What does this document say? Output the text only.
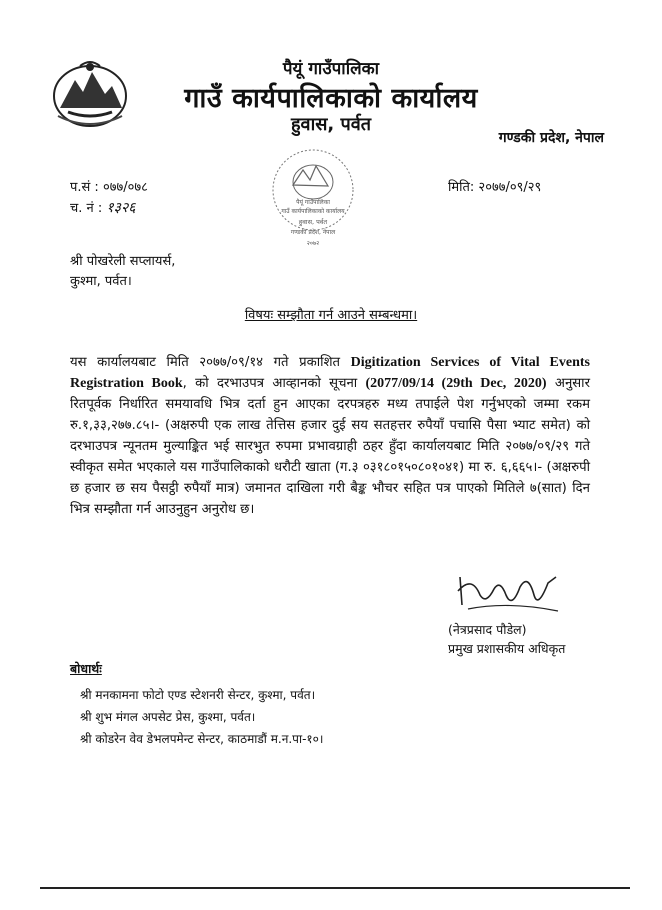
पैयूं गाउँपालिका
गाउँ कार्यपालिकाको कार्यालय
हुवास, पर्वत
गण्डकी प्रदेश, नेपाल
प.सं : ०७७/०७८
च. नं : १३२६
मिति: २०७७/०९/२९
पैयूं गाउँपालिका
गाउँ कार्यपालिकाको कार्यालय
हुवास, पर्वत
गण्डकी प्रदेश, नेपाल
२०७२
श्री पोखरेली सप्लायर्स,
कुश्मा, पर्वत।
विषयः सम्झौता गर्न आउने सम्बन्धमा।
यस कार्यालयबाट मिति २०७७/०९/१४ गते प्रकाशित Digitization Services of Vital Events Registration Book, को दरभाउपत्र आव्हानको सूचना (2077/09/14 (29th Dec, 2020) अनुसार रितपूर्वक निर्धारित समयावधि भित्र दर्ता हुन आएका दरपत्रहरु मध्य तपाईले पेश गर्नुभएको जम्मा रकम रु.१,३३,२७७.८५।- (अक्षरुपी एक लाख तेत्तिस हजार दुई सय सतहत्तर रुपैयाँ पचासि पैसा भ्याट समेत) को दरभाउपत्र न्यूनतम मुल्याङ्कित भई सारभुत रुपमा प्रभावग्राही ठहर हुँदा कार्यालयबाट मिति २०७७/०९/२९ गते स्वीकृत समेत भएकाले यस गाउँपालिकाको धरौटी खाता (ग.३ ०३१८०१५०८०१०४१) मा रु. ६,६६५।- (अक्षरुपी छ हजार छ सय पैसट्ठी रुपैयाँ मात्र) जमानत दाखिला गरी बैङ्क भौचर सहित पत्र पाएको मितिले ७(सात) दिन भित्र सम्झौता गर्न आउनुहुन अनुरोध छ।
(नेत्रप्रसाद पौडेल)
प्रमुख प्रशासकीय अधिकृत
बोधार्थः
श्री मनकामना फोटो एण्ड स्टेशनरी सेन्टर, कुश्मा, पर्वत।
श्री शुभ मंगल अपसेट प्रेस, कुश्मा, पर्वत।
श्री कोडरेन वेव डेभलपमेन्ट सेन्टर, काठमाडौं म.न.पा-१०।
